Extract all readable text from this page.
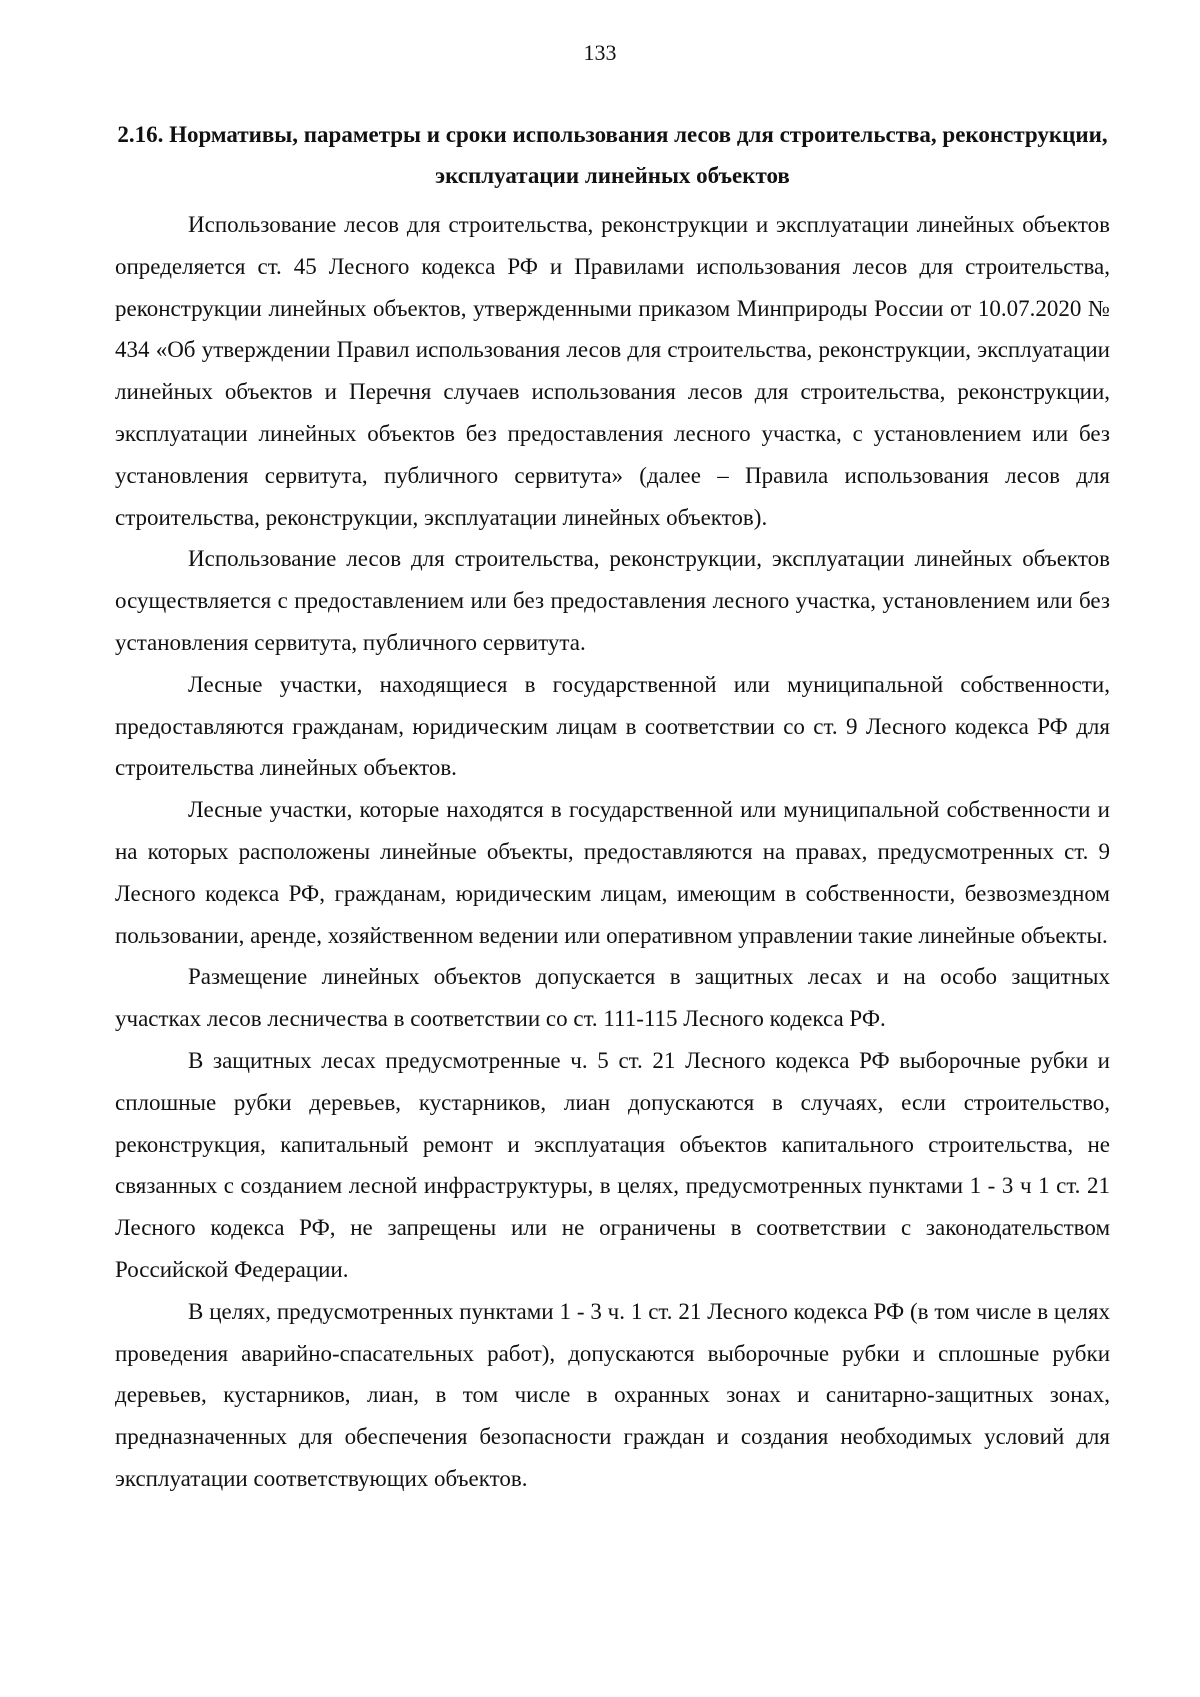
133
2.16. Нормативы, параметры и сроки использования лесов для строительства, реконструкции, эксплуатации линейных объектов

Использование лесов для строительства, реконструкции и эксплуатации линейных объектов определяется ст. 45 Лесного кодекса РФ и Правилами использования лесов для строительства, реконструкции линейных объектов, утвержденными приказом Минприроды России от 10.07.2020 № 434 «Об утверждении Правил использования лесов для строительства, реконструкции, эксплуатации линейных объектов и Перечня случаев использования лесов для строительства, реконструкции, эксплуатации линейных объектов без предоставления лесного участка, с установлением или без установления сервитута, публичного сервитута» (далее – Правила использования лесов для строительства, реконструкции, эксплуатации линейных объектов).

Использование лесов для строительства, реконструкции, эксплуатации линейных объектов осуществляется с предоставлением или без предоставления лесного участка, установлением или без установления сервитута, публичного сервитута.

Лесные участки, находящиеся в государственной или муниципальной собственности, предоставляются гражданам, юридическим лицам в соответствии со ст. 9 Лесного кодекса РФ для строительства линейных объектов.

Лесные участки, которые находятся в государственной или муниципальной собственности и на которых расположены линейные объекты, предоставляются на правах, предусмотренных ст. 9 Лесного кодекса РФ, гражданам, юридическим лицам, имеющим в собственности, безвозмездном пользовании, аренде, хозяйственном ведении или оперативном управлении такие линейные объекты.

Размещение линейных объектов допускается в защитных лесах и на особо защитных участках лесов лесничества в соответствии со ст. 111-115 Лесного кодекса РФ.

В защитных лесах предусмотренные ч. 5 ст. 21 Лесного кодекса РФ выборочные рубки и сплошные рубки деревьев, кустарников, лиан допускаются в случаях, если строительство, реконструкция, капитальный ремонт и эксплуатация объектов капитального строительства, не связанных с созданием лесной инфраструктуры, в целях, предусмотренных пунктами 1 - 3 ч 1 ст. 21 Лесного кодекса РФ, не запрещены или не ограничены в соответствии с законодательством Российской Федерации.

В целях, предусмотренных пунктами 1 - 3 ч. 1 ст. 21 Лесного кодекса РФ (в том числе в целях проведения аварийно-спасательных работ), допускаются выборочные рубки и сплошные рубки деревьев, кустарников, лиан, в том числе в охранных зонах и санитарно-защитных зонах, предназначенных для обеспечения безопасности граждан и создания необходимых условий для эксплуатации соответствующих объектов.
